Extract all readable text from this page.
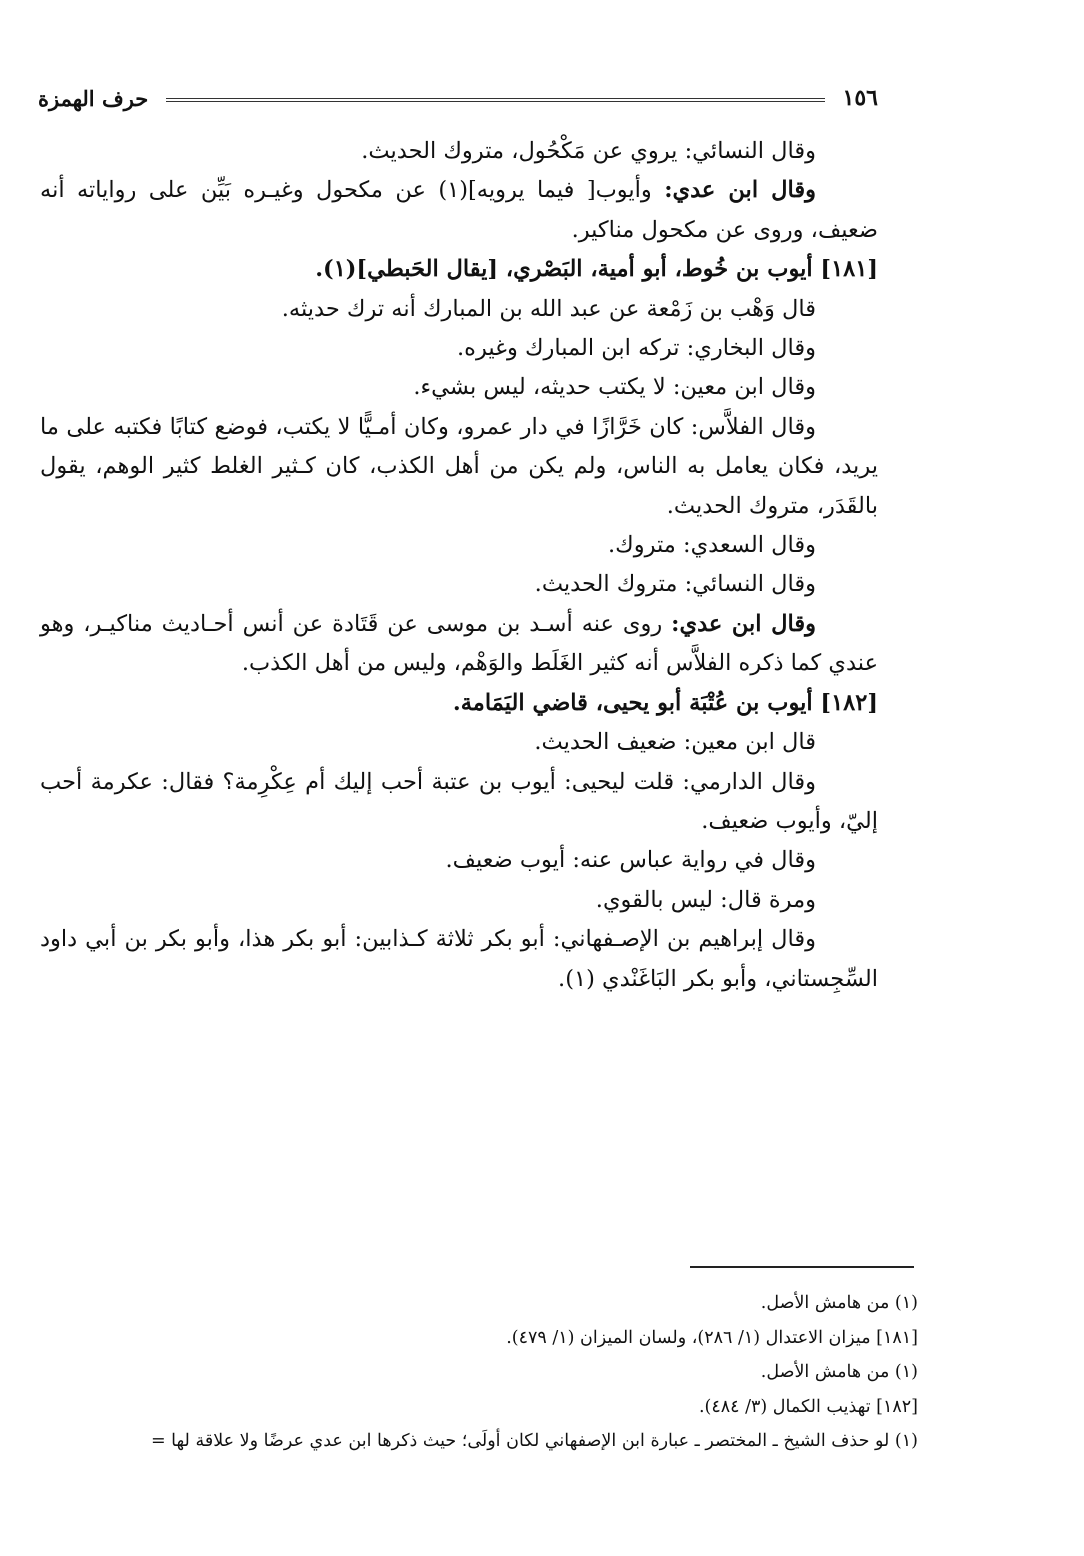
حرف الهمزة	١٥٦

وقال النسائي: يروي عن مَكْحُول، متروك الحديث.

وقال ابن عدي: وأيوب[ فيما يرويه](١) عن مكحول وغيـره بَيِّن على رواياته أنه ضعيف، وروى عن مكحول مناكير.

[١٨١] أيوب بن خُوط، أبو أمية، البَصْري، [يقال الحَبطي](١).

قال وَهْب بن زَمْعة عن عبد الله بن المبارك أنه ترك حديثه.

وقال البخاري: تركه ابن المبارك وغيره.

وقال ابن معين: لا يكتب حديثه، ليس بشيء.

وقال الفلاَّس: كان خَرَّازًا في دار عمرو، وكان أمـيًّا لا يكتب، فوضع كتابًا فكتبه على ما يريد، فكان يعامل به الناس، ولم يكن من أهل الكذب، كان كـثير الغلط كثير الوهم، يقول بالقَدَر، متروك الحديث.

وقال السعدي: متروك.

وقال النسائي: متروك الحديث.

وقال ابن عدي: روى عنه أسـد بن موسى عن قَتَادة عن أنس أحـاديث مناكيـر، وهو عندي كما ذكره الفلاَّس أنه كثير الغَلَط والوَهْم، وليس من أهل الكذب.

[١٨٢] أيوب بن عُتْبَة أبو يحيى، قاضي اليَمَامة.

قال ابن معين: ضعيف الحديث.

وقال الدارمي: قلت ليحيى: أيوب بن عتبة أحب إليك أم عِكْرِمة؟ فقال: عكرمة أحب إليّ، وأيوب ضعيف.

وقال في رواية عباس عنه: أيوب ضعيف.

ومرة قال: ليس بالقوي.

وقال إبراهيم بن الإصـفهاني: أبو بكر ثلاثة كـذابين: أبو بكر هذا، وأبو بكر بن أبي داود السِّجِستاني، وأبو بكر البَاغَنْدي (١).

(١) من هامش الأصل.

[١٨١] ميزان الاعتدال (١/ ٢٨٦)، ولسان الميزان (١/ ٤٧٩).

(١) من هامش الأصل.

[١٨٢] تهذيب الكمال (٣/ ٤٨٤).

(١) لو حذف الشيخ ـ المختصر ـ عبارة ابن الإصفهاني لكان أولَى؛ حيث ذكرها ابن عدي عرضًا ولا علاقة لها =
